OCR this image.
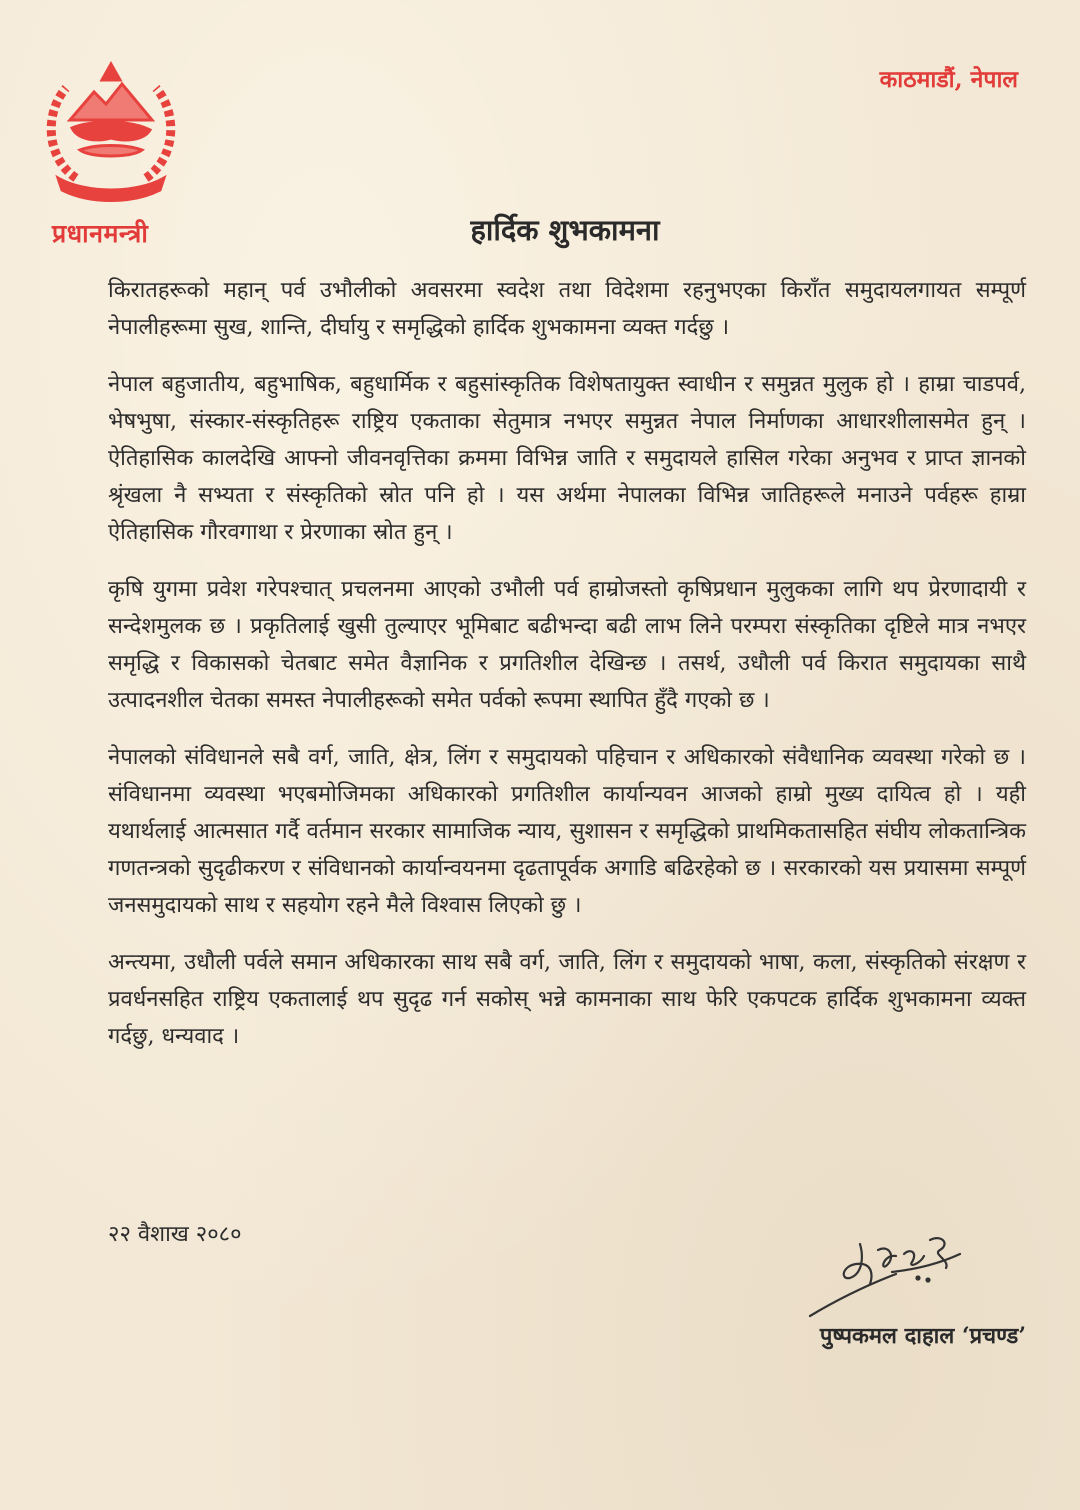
प्रधानमन्त्री
काठमाडौं, नेपाल
हार्दिक शुभकामना

किरातहरूको महान् पर्व उभौलीको अवसरमा स्वदेश तथा विदेशमा रहनुभएका किराँत समुदायलगायत सम्पूर्ण नेपालीहरूमा सुख, शान्ति, दीर्घायु र समृद्धिको हार्दिक शुभकामना व्यक्त गर्दछु ।

नेपाल बहुजातीय, बहुभाषिक, बहुधार्मिक र बहुसांस्कृतिक विशेषतायुक्त स्वाधीन र समुन्नत मुलुक हो । हाम्रा चाडपर्व, भेषभुषा, संस्कार-संस्कृतिहरू राष्ट्रिय एकताका सेतुमात्र नभएर समुन्नत नेपाल निर्माणका आधारशीलासमेत हुन् । ऐतिहासिक कालदेखि आफ्नो जीवनवृत्तिका क्रममा विभिन्न जाति र समुदायले हासिल गरेका अनुभव र प्राप्त ज्ञानको श्रृंखला नै सभ्यता र संस्कृतिको स्रोत पनि हो । यस अर्थमा नेपालका विभिन्न जातिहरूले मनाउने पर्वहरू हाम्रा ऐतिहासिक गौरवगाथा र प्रेरणाका स्रोत हुन् ।

कृषि युगमा प्रवेश गरेपश्चात् प्रचलनमा आएको उभौली पर्व हाम्रोजस्तो कृषिप्रधान मुलुकका लागि थप प्रेरणादायी र सन्देशमुलक छ । प्रकृतिलाई खुसी तुल्याएर भूमिबाट बढीभन्दा बढी लाभ लिने परम्परा संस्कृतिका दृष्टिले मात्र नभएर समृद्धि र विकासको चेतबाट समेत वैज्ञानिक र प्रगतिशील देखिन्छ । तसर्थ, उधौली पर्व किरात समुदायका साथै उत्पादनशील चेतका समस्त नेपालीहरूको समेत पर्वको रूपमा स्थापित हुँदै गएको छ ।

नेपालको संविधानले सबै वर्ग, जाति, क्षेत्र, लिंग र समुदायको पहिचान र अधिकारको संवैधानिक व्यवस्था गरेको छ । संविधानमा व्यवस्था भएबमोजिमका अधिकारको प्रगतिशील कार्यान्यवन आजको हाम्रो मुख्य दायित्व हो । यही यथार्थलाई आत्मसात गर्दै वर्तमान सरकार सामाजिक न्याय, सुशासन र समृद्धिको प्राथमिकतासहित संघीय लोकतान्त्रिक गणतन्त्रको सुदृढीकरण र संविधानको कार्यान्वयनमा दृढतापूर्वक अगाडि बढिरहेको छ । सरकारको यस प्रयासमा सम्पूर्ण जनसमुदायको साथ र सहयोग रहने मैले विश्वास लिएको छु ।

अन्त्यमा, उधौली पर्वले समान अधिकारका साथ सबै वर्ग, जाति, लिंग र समुदायको भाषा, कला, संस्कृतिको संरक्षण र प्रवर्धनसहित राष्ट्रिय एकतालाई थप सुदृढ गर्न सकोस् भन्ने कामनाका साथ फेरि एकपटक हार्दिक शुभकामना व्यक्त गर्दछु, धन्यवाद ।

२२ वैशाख २०८०
पुष्पकमल दाहाल ‘प्रचण्ड’
